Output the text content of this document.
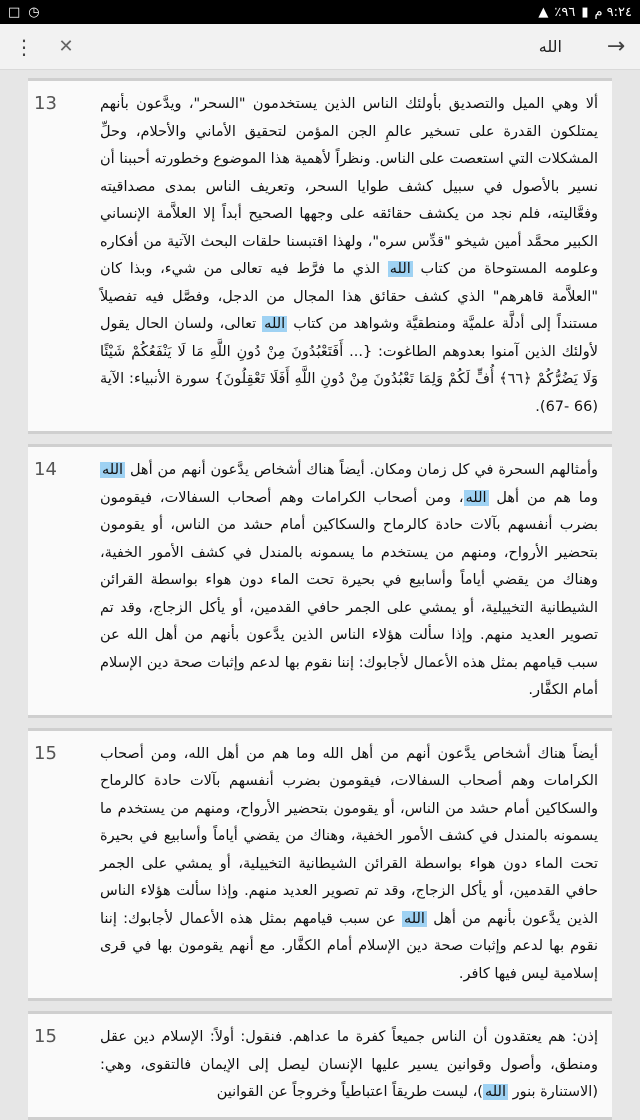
□ ◷	٩:٢٤ م
▮
٩٦٪
▲
⋮
الله	✕	→
13	ألا وهي الميل والتصديق بأولئك الناس الذين يستخدمون "السحر"، ويدَّعون بأنهم يمتلكون القدرة على تسخير عالمِ الجن المؤمن لتحقيق الأماني والأحلام، وحلِّ المشكلات التي استعصت على الناس. ونظراً لأهمية هذا الموضوع وخطورته أحببنا أن نسير بالأصول في سبيل كشف طوايا السحر، وتعريف الناس بمدى مصداقيته وفعَّاليته، فلم نجد من يكشف حقائقه على وجهها الصحيح أبداً إلا العلاَّمة الإنساني الكبير محمَّد أمين شيخو "قدِّس سره"، ولهذا اقتبسنا حلقات البحث الآتية من أفكاره وعلومه المستوحاة من كتاب الله الذي ما فرَّط فيه تعالى من شيء، وبذا كان "العلاَّمة قاهرهم" الذي كشف حقائق هذا المجال من الدجل، وفصَّل فيه تفصيلاً مستنداً إلى أدلَّة علميَّة ومنطقيَّة وشواهد من كتاب الله تعالى، ولسان الحال يقول لأولئك الذين آمنوا بعدوهم الطاغوت: {... أَفَتَعْبُدُونَ مِنْ دُونِ اللَّهِ مَا لَا يَنْفَعُكُمْ شَيْئًا وَلَا يَضُرُّكُمْ ﴿٦٦﴾ أُفٍّ لَكُمْ وَلِمَا تَعْبُدُونَ مِنْ دُونِ اللَّهِ أَفَلَا تَعْقِلُونَ} سورة الأنبياء: الآية (66 -67).
14	وأمثالهم السحرة في كل زمان ومكان. أيضاً هناك أشخاص يدَّعون أنهم من أهل الله وما هم من أهل الله، ومن أصحاب الكرامات وهم أصحاب السفالات، فيقومون بضرب أنفسهم بآلات حادة كالرماح والسكاكين أمام حشد من الناس، أو يقومون بتحضير الأرواح، ومنهم من يستخدم ما يسمونه بالمندل في كشف الأمور الخفية، وهناك من يقضي أياماً وأسابيع في بحيرة تحت الماء دون هواء بواسطة القرائن الشيطانية التخييلية، أو يمشي على الجمر حافي القدمين، أو يأكل الزجاج، وقد تم تصوير العديد منهم. وإذا سألت هؤلاء الناس الذين يدَّعون بأنهم من أهل الله عن سبب قيامهم بمثل هذه الأعمال لأجابوك: إننا نقوم بها لدعم وإثبات صحة دين الإسلام أمام الكفَّار.
15	أيضاً هناك أشخاص يدَّعون أنهم من أهل الله وما هم من أهل الله، ومن أصحاب الكرامات وهم أصحاب السفالات، فيقومون بضرب أنفسهم بآلات حادة كالرماح والسكاكين أمام حشد من الناس، أو يقومون بتحضير الأرواح، ومنهم من يستخدم ما يسمونه بالمندل في كشف الأمور الخفية، وهناك من يقضي أياماً وأسابيع في بحيرة تحت الماء دون هواء بواسطة القرائن الشيطانية التخييلية، أو يمشي على الجمر حافي القدمين، أو يأكل الزجاج، وقد تم تصوير العديد منهم. وإذا سألت هؤلاء الناس الذين يدَّعون بأنهم من أهل الله عن سبب قيامهم بمثل هذه الأعمال لأجابوك: إننا نقوم بها لدعم وإثبات صحة دين الإسلام أمام الكفَّار. مع أنهم يقومون بها في قرى إسلامية ليس فيها كافر.
15	إذن: هم يعتقدون أن الناس جميعاً كفرة ما عداهم. فنقول: أولاً: الإسلام دين عقل ومنطق، وأصول وقوانين يسير عليها الإنسان ليصل إلى الإيمان فالتقوى، وهي: (الاستنارة بنور الله)، ليست طريقاً اعتباطياً وخروجاً عن القوانين
